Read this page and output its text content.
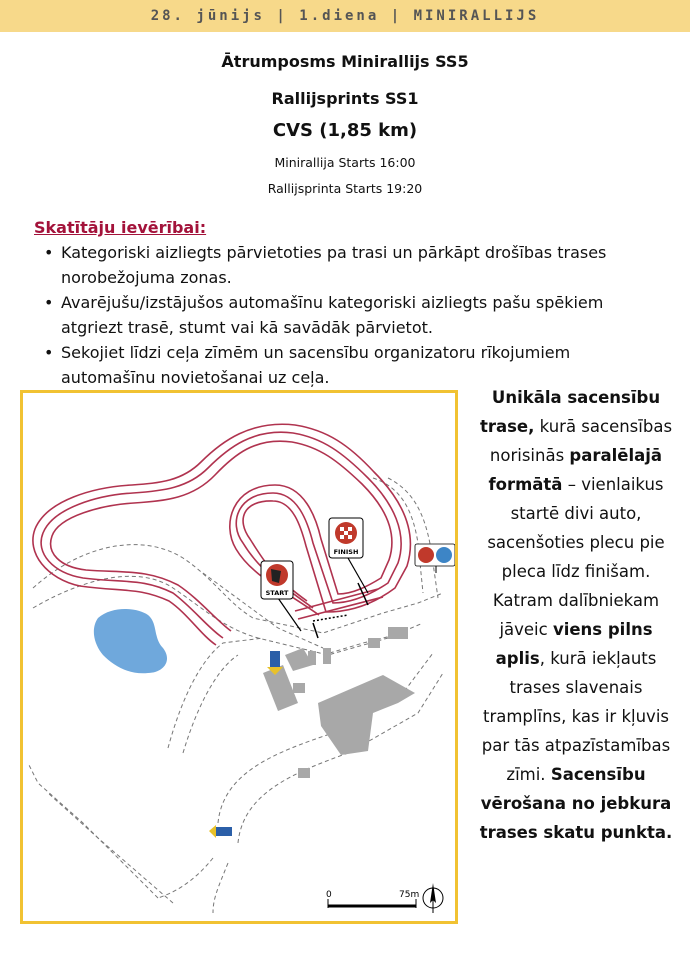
28. jūnijs | 1.diena | MINIRALLIJS
Ātrumposms Minirallijs SS5
Rallijsprints SS1
CVS (1,85 km)
Minirallija Starts 16:00
Rallijsprinta Starts 19:20
Skatītāju ievērībai:
• Kategoriski aizliegts pārvietoties pa trasi un pārkāpt drošības trases norobežojuma zonas.
• Avarējušu/izstājušos automašīnu kategoriski aizliegts pašu spēkiem atgriezt trasē, stumt vai kā savādāk pārvietot.
• Sekojiet līdzi ceļa zīmēm un sacensību organizatoru rīkojumiem automašīnu novietošanai uz ceļa.
START
FINISH
0	75m
Unikāla sacensību trase, kurā sacensības norisinās paralēlajā formātā – vienlaikus startē divi auto, sacenšoties plecu pie pleca līdz finišam. Katram dalībniekam jāveic viens pilns aplis, kurā iekļauts trases slavenais tramplīns, kas ir kļuvis par tās atpazīstamības zīmi. Sacensību vērošana no jebkura trases skatu punkta.
